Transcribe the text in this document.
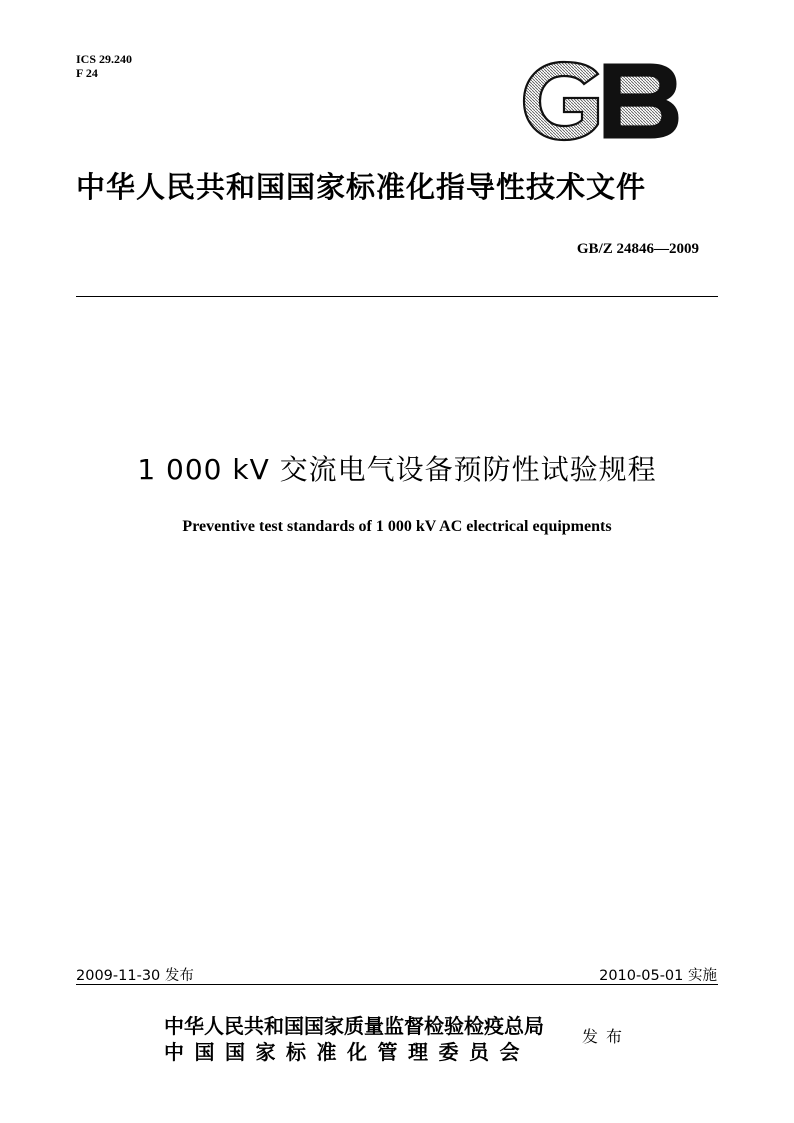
ICS 29.240
F 24
中华人民共和国国家标准化指导性技术文件
GB/Z 24846—2009
1 000 kV 交流电气设备预防性试验规程
Preventive test standards of 1 000 kV AC electrical equipments
2009-11-30 发布	2010-05-01 实施
中华人民共和国国家质量监督检验检疫总局
中国国家标准化管理委员会
发布
